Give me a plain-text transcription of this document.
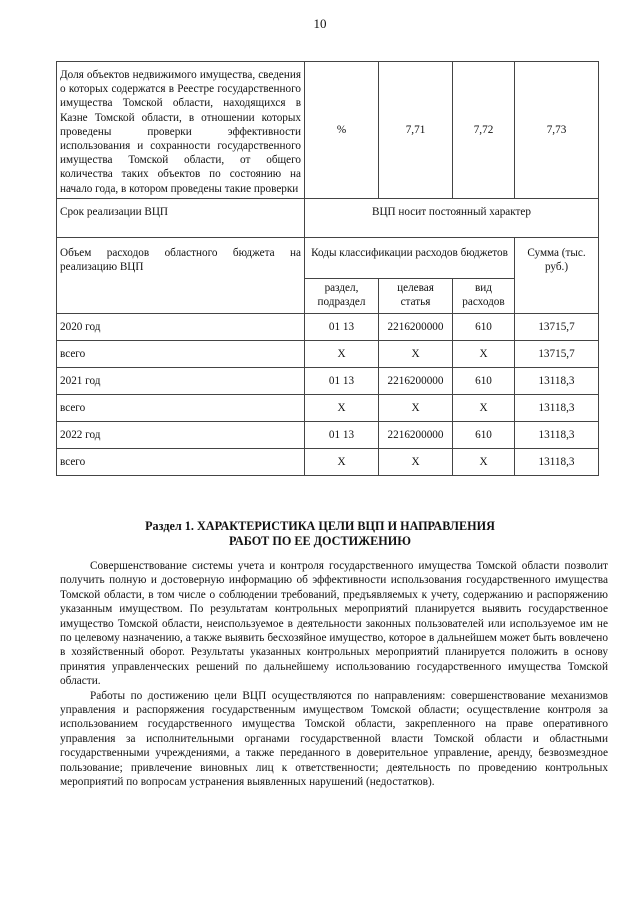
10
Доля объектов недвижимого имущества, сведения о которых содержатся в Реестре государственного имущества Томской области, находящихся в Казне Томской области, в отношении которых проведены проверки эффективности использования и сохранности государственного имущества Томской области, от общего количества таких объектов по состоянию на начало года, в котором проведены такие проверки	%	7,71	7,72	7,73
Срок реализации ВЦП	ВЦП носит постоянный характер			
Объем расходов областного бюджета на реализацию ВЦП	Коды классификации расходов бюджетов			Сумма (тыс. руб.)
	раздел, подраздел	целевая статья	вид расходов	
2020 год	01 13	2216200000	610	13715,7
всего	X	X	X	13715,7
2021 год	01 13	2216200000	610	13118,3
всего	X	X	X	13118,3
2022 год	01 13	2216200000	610	13118,3
всего	X	X	X	13118,3
Раздел 1. ХАРАКТЕРИСТИКА ЦЕЛИ ВЦП И НАПРАВЛЕНИЯ
РАБОТ ПО ЕЕ ДОСТИЖЕНИЮ

Совершенствование системы учета и контроля государственного имущества Томской области позволит получить полную и достоверную информацию об эффективности использования государственного имущества Томской области, в том числе о соблюдении требований, предъявляемых к учету, содержанию и распоряжению указанным имуществом. По результатам контрольных мероприятий планируется выявить государственное имущество Томской области, неиспользуемое в деятельности законных пользователей или используемое им не по целевому назначению, а также выявить бесхозяйное имущество, которое в дальнейшем может быть вовлечено в хозяйственный оборот. Результаты указанных контрольных мероприятий планируется положить в основу принятия управленческих решений по дальнейшему использованию государственного имущества Томской области.

Работы по достижению цели ВЦП осуществляются по направлениям: совершенствование механизмов управления и распоряжения государственным имуществом Томской области; осуществление контроля за использованием государственного имущества Томской области, закрепленного на праве оперативного управления за исполнительными органами государственной власти Томской области и областными государственными учреждениями, а также переданного в доверительное управление, аренду, безвозмездное пользование; привлечение виновных лиц к ответственности; деятельность по проведению контрольных мероприятий по вопросам устранения выявленных нарушений (недостатков).
